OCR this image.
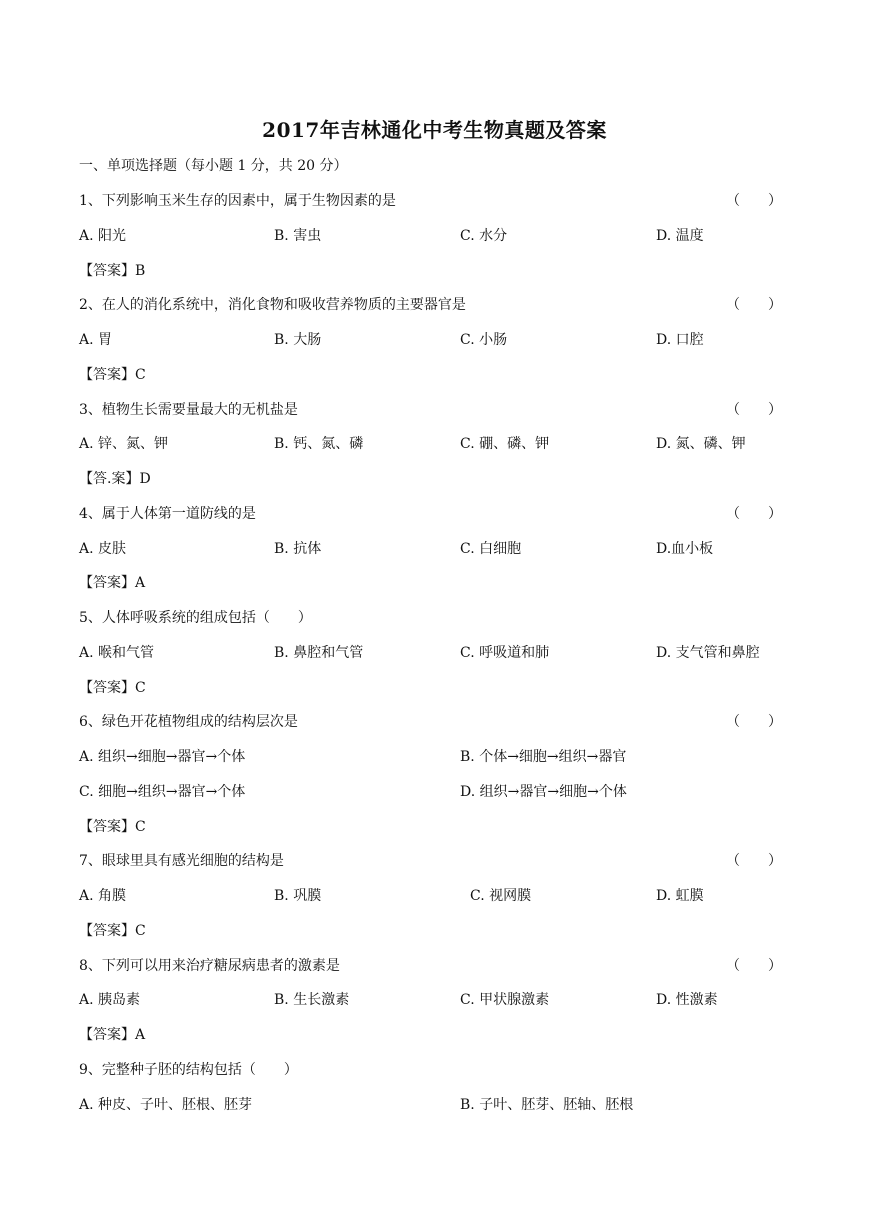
2017年吉林通化中考生物真题及答案
一、单项选择题（每小题 1 分，共 20 分）
1、下列影响玉米生存的因素中，属于生物因素的是	（　　）
A. 阳光	B. 害虫	C. 水分	D. 温度
【答案】B
2、在人的消化系统中，消化食物和吸收营养物质的主要器官是	（　　）
A. 胃	B. 大肠	C. 小肠	D. 口腔
【答案】C
3、植物生长需要量最大的无机盐是	（　　）
A. 锌、氮、钾	B. 钙、氮、磷	C. 硼、磷、钾	D. 氮、磷、钾
【答.案】D
4、属于人体第一道防线的是	（　　）
A. 皮肤	B. 抗体	C. 白细胞	D.血小板
【答案】A
5、人体呼吸系统的组成包括（　　）
A. 喉和气管	B. 鼻腔和气管	C. 呼吸道和肺	D. 支气管和鼻腔
【答案】C
6、绿色开花植物组成的结构层次是	（　　）
A. 组织→细胞→器官→个体	B. 个体→细胞→组织→器官
C. 细胞→组织→器官→个体	D. 组织→器官→细胞→个体
【答案】C
7、眼球里具有感光细胞的结构是	（　　）
A. 角膜	B. 巩膜	C. 视网膜	D. 虹膜
【答案】C
8、下列可以用来治疗糖尿病患者的激素是	（　　）
A. 胰岛素	B. 生长激素	C. 甲状腺激素	D. 性激素
【答案】A
9、完整种子胚的结构包括（　　）
A. 种皮、子叶、胚根、胚芽	B. 子叶、胚芽、胚轴、胚根
